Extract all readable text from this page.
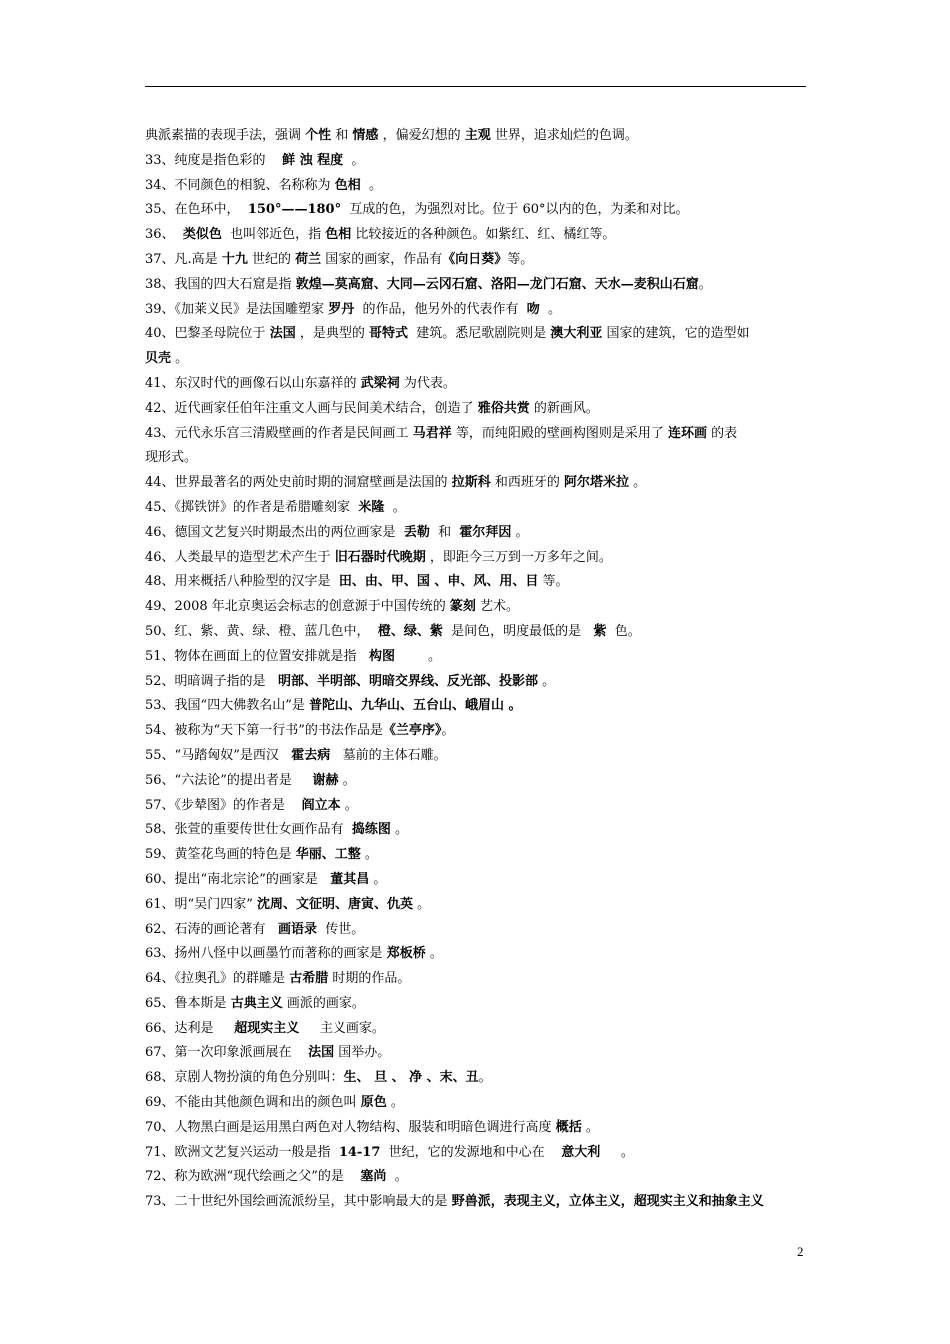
典派素描的表现手法，强调 个性 和 情感 ，偏爱幻想的 主观 世界，追求灿烂的色调。
33、纯度是指色彩的    鲜 浊 程度  。
34、不同颜色的相貌、名称称为 色相  。
35、在色环中，  150°——180°  互成的色，为强烈对比。位于 60°以内的色，为柔和对比。
36、  类似色  也叫邻近色，指 色相 比较接近的各种颜色。如紫红、红、橘红等。
37、凡.高是 十九 世纪的 荷兰 国家的画家，作品有《向日葵》等。
38、我国的四大石窟是指 敦煌—莫高窟、大同—云冈石窟、洛阳—龙门石窟、天水—麦积山石窟。
39、《加莱义民》是法国雕塑家 罗丹  的作品，他另外的代表作有  吻  。
40、巴黎圣母院位于 法国 ，是典型的 哥特式  建筑。悉尼歌剧院则是 澳大利亚 国家的建筑，它的造型如
贝壳 。
41、东汉时代的画像石以山东嘉祥的 武梁祠 为代表。
42、近代画家任伯年注重文人画与民间美术结合，创造了 雅俗共赏 的新画风。
43、元代永乐宫三清殿壁画的作者是民间画工 马君祥 等，而纯阳殿的壁画构图则是采用了 连环画 的表
现形式。
44、世界最著名的两处史前时期的洞窟壁画是法国的 拉斯科 和西班牙的 阿尔塔米拉 。
45、《掷铁饼》的作者是希腊雕刻家  米隆  。
46、德国文艺复兴时期最杰出的两位画家是  丢勒  和  霍尔拜因 。
46、人类最早的造型艺术产生于 旧石器时代晚期 ，即距今三万到一万多年之间。
48、用来概括八种脸型的汉字是  田、由、甲、国 、申、风、用、目 等。
49、2008 年北京奥运会标志的创意源于中国传统的 篆刻 艺术。
50、红、紫、黄、绿、橙、蓝几色中，  橙、绿、紫  是间色，明度最低的是   紫  色。
51、物体在画面上的位置安排就是指   构图        。
52、明暗调子指的是   明部、半明部、明暗交界线、反光部、投影部 。
53、我国“四大佛教名山”是 普陀山、九华山、五台山、峨眉山 。
54、被称为“天下第一行书”的书法作品是《兰亭序》。
55、“马踏匈奴”是西汉   霍去病   墓前的主体石雕。
56、“六法论”的提出者是     谢赫 。
57、《步辇图》的作者是    阎立本 。
58、张萱的重要传世仕女画作品有  捣练图 。
59、黄筌花鸟画的特色是 华丽、工整 。
60、提出“南北宗论”的画家是   董其昌 。
61、明“吴门四家” 沈周、文征明、唐寅、仇英 。
62、石涛的画论著有   画语录  传世。
63、扬州八怪中以画墨竹而著称的画家是 郑板桥 。
64、《拉奥孔》的群雕是 古希腊 时期的作品。
65、鲁本斯是 古典主义 画派的画家。
66、达利是     超现实主义     主义画家。
67、第一次印象派画展在    法国 国举办。
68、京剧人物扮演的角色分别叫：生、 旦 、 净 、末、丑。
69、不能由其他颜色调和出的颜色叫 原色 。
70、人物黑白画是运用黑白两色对人物结构、服装和明暗色调进行高度 概括 。
71、欧洲文艺复兴运动一般是指  14-17  世纪，它的发源地和中心在    意大利     。
72、称为欧洲“现代绘画之父”的是    塞尚  。
73、二十世纪外国绘画流派纷呈，其中影响最大的是 野兽派，表现主义，立体主义，超现实主义和抽象主义
2
